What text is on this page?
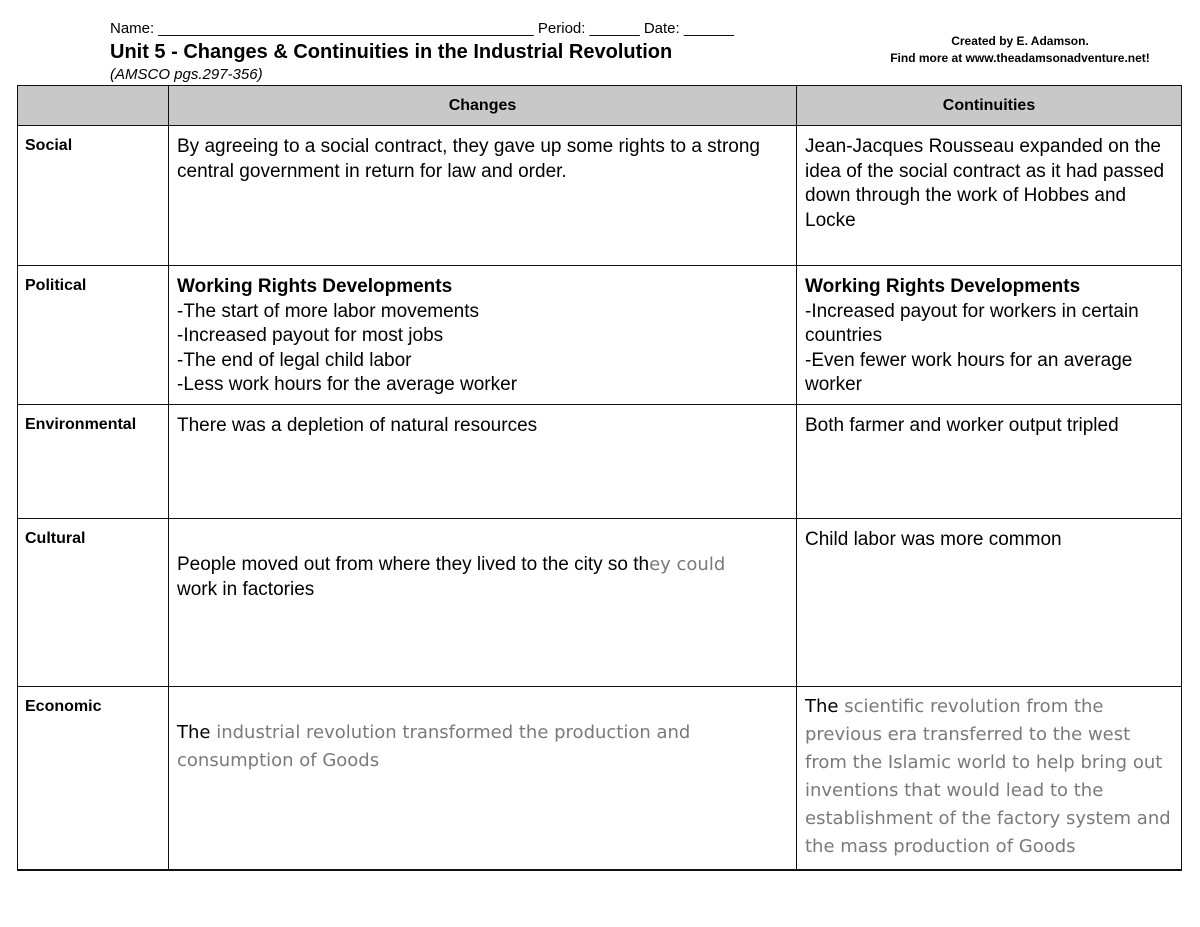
Name: _____________________________________________ Period: ______ Date: ______
Unit 5 - Changes & Continuities in the Industrial Revolution
(AMSCO pgs.297-356)
Created by E. Adamson.
Find more at www.theadamsonadventure.net!
	Changes	Continuities
Social	By agreeing to a social contract, they gave up some rights to a strong central government in return for law and order.	Jean-Jacques Rousseau expanded on the idea of the social contract as it had passed down through the work of Hobbes and Locke
Political	Working Rights Developments
-The start of more labor movements
-Increased payout for most jobs
-The end of legal child labor
-Less work hours for the average worker	Working Rights Developments
-Increased payout for workers in certain countries
-Even fewer work hours for an average worker

Environmental	There was a depletion of natural resources	Both farmer and worker output tripled
Cultural	People moved out from where they lived to the city so they could
work in factories	Child labor was more common
Economic	The industrial revolution transformed the production and consumption of Goods	The scientific revolution from the previous era transferred to the west from the Islamic world to help bring out inventions that would lead to the establishment of the factory system and the mass production of Goods
